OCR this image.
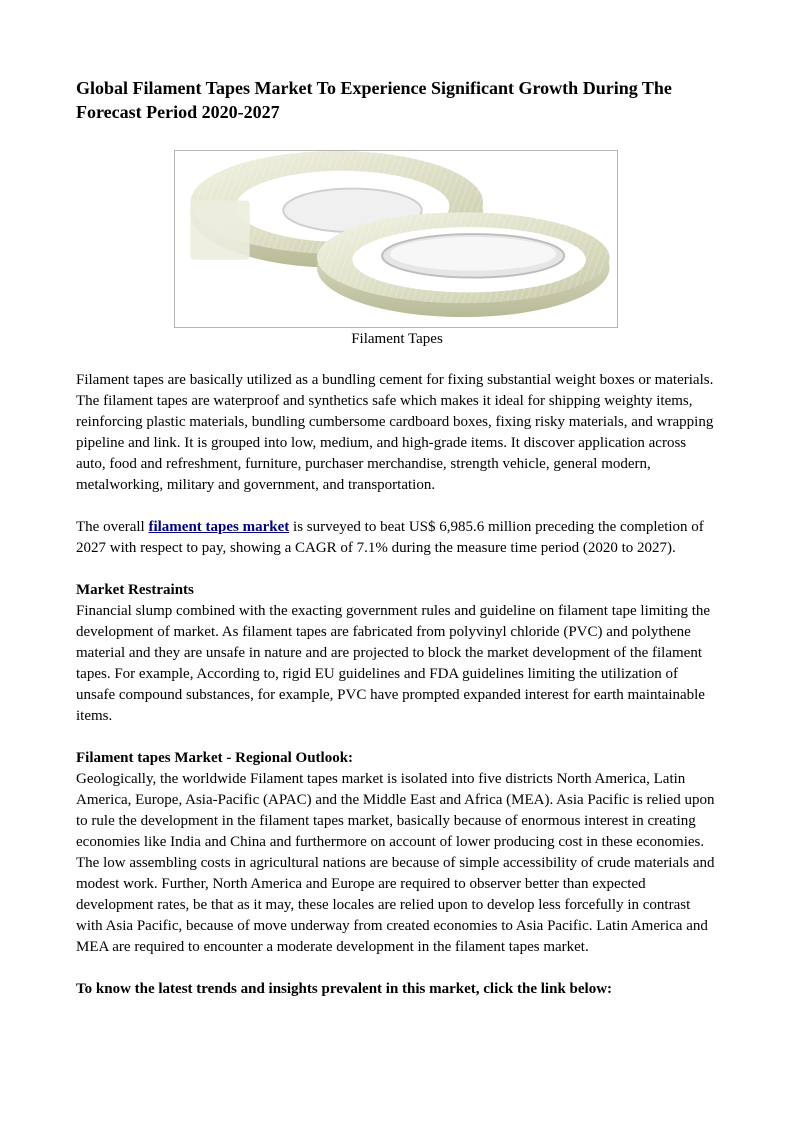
Global Filament Tapes Market To Experience Significant Growth During The Forecast Period 2020-2027
Filament Tapes

Filament tapes are basically utilized as a bundling cement for fixing substantial weight boxes or materials. The filament tapes are waterproof and synthetics safe which makes it ideal for shipping weighty items, reinforcing plastic materials, bundling cumbersome cardboard boxes, fixing risky materials, and wrapping pipeline and link. It is grouped into low, medium, and high-grade items. It discover application across auto, food and refreshment, furniture, purchaser merchandise, strength vehicle, general modern, metalworking, military and government, and transportation.

The overall filament tapes market is surveyed to beat US$ 6,985.6 million preceding the completion of 2027 with respect to pay, showing a CAGR of 7.1% during the measure time period (2020 to 2027).

Market Restraints

Financial slump combined with the exacting government rules and guideline on filament tape limiting the development of market. As filament tapes are fabricated from polyvinyl chloride (PVC) and polythene material and they are unsafe in nature and are projected to block the market development of the filament tapes. For example, According to, rigid EU guidelines and FDA guidelines limiting the utilization of unsafe compound substances, for example, PVC have prompted expanded interest for earth maintainable items.

Filament tapes Market - Regional Outlook:

Geologically, the worldwide Filament tapes market is isolated into five districts North America, Latin America, Europe, Asia-Pacific (APAC) and the Middle East and Africa (MEA). Asia Pacific is relied upon to rule the development in the filament tapes market, basically because of enormous interest in creating economies like India and China and furthermore on account of lower producing cost in these economies. The low assembling costs in agricultural nations are because of simple accessibility of crude materials and modest work. Further, North America and Europe are required to observer better than expected development rates, be that as it may, these locales are relied upon to develop less forcefully in contrast with Asia Pacific, because of move underway from created economies to Asia Pacific. Latin America and MEA are required to encounter a moderate development in the filament tapes market.

To know the latest trends and insights prevalent in this market, click the link below:
